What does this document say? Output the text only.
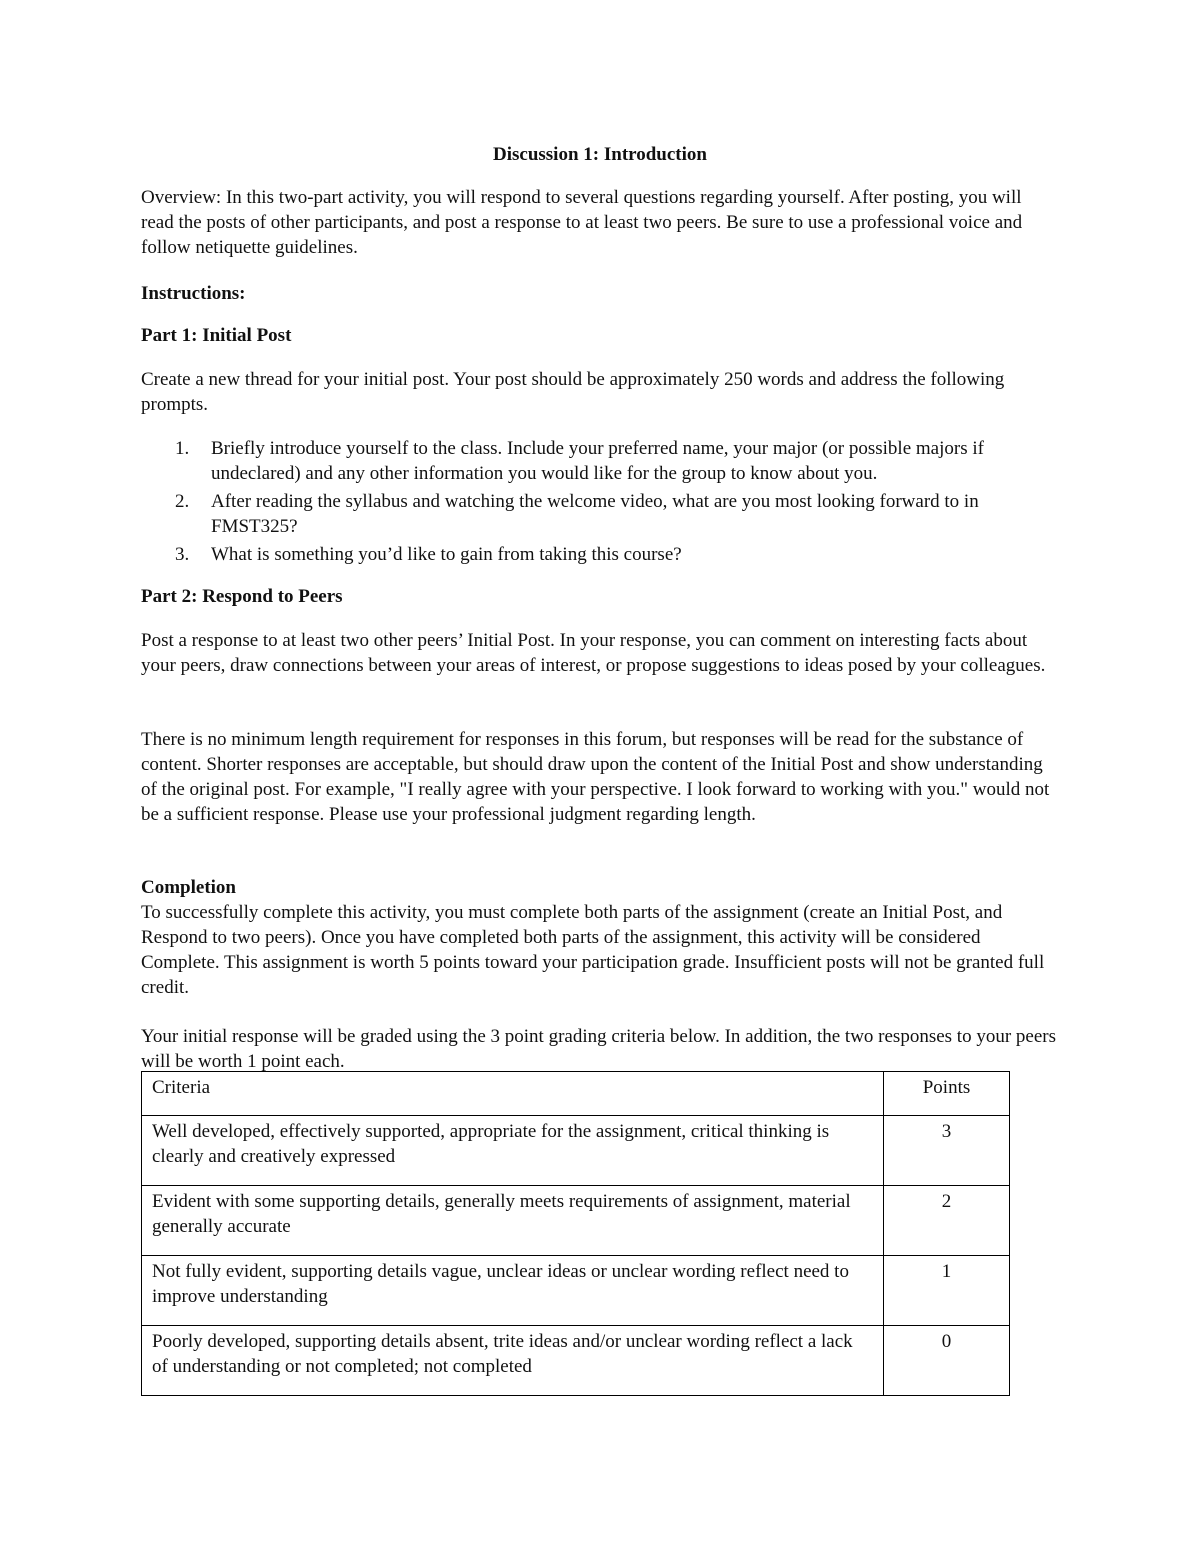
Discussion 1: Introduction
Overview: In this two-part activity, you will respond to several questions regarding yourself. After posting, you will read the posts of other participants, and post a response to at least two peers. Be sure to use a professional voice and follow netiquette guidelines.
Instructions:
Part 1: Initial Post
Create a new thread for your initial post. Your post should be approximately 250 words and address the following prompts.
1. Briefly introduce yourself to the class. Include your preferred name, your major (or possible majors if undeclared) and any other information you would like for the group to know about you.
2. After reading the syllabus and watching the welcome video, what are you most looking forward to in FMST325?
3. What is something you’d like to gain from taking this course?
Part 2: Respond to Peers
Post a response to at least two other peers’ Initial Post. In your response, you can comment on interesting facts about your peers, draw connections between your areas of interest, or propose suggestions to ideas posed by your colleagues.
There is no minimum length requirement for responses in this forum, but responses will be read for the substance of content. Shorter responses are acceptable, but should draw upon the content of the Initial Post and show understanding of the original post. For example, "I really agree with your perspective. I look forward to working with you." would not be a sufficient response. Please use your professional judgment regarding length.
Completion
To successfully complete this activity, you must complete both parts of the assignment (create an Initial Post, and Respond to two peers). Once you have completed both parts of the assignment, this activity will be considered Complete. This assignment is worth 5 points toward your participation grade. Insufficient posts will not be granted full credit.
Your initial response will be graded using the 3 point grading criteria below. In addition, the two responses to your peers will be worth 1 point each.
Criteria	Points
Well developed, effectively supported, appropriate for the assignment, critical thinking is clearly and creatively expressed	3
Evident with some supporting details, generally meets requirements of assignment, material generally accurate	2
Not fully evident, supporting details vague, unclear ideas or unclear wording reflect need to improve understanding	1
Poorly developed, supporting details absent, trite ideas and/or unclear wording reflect a lack of understanding or not completed; not completed	0
